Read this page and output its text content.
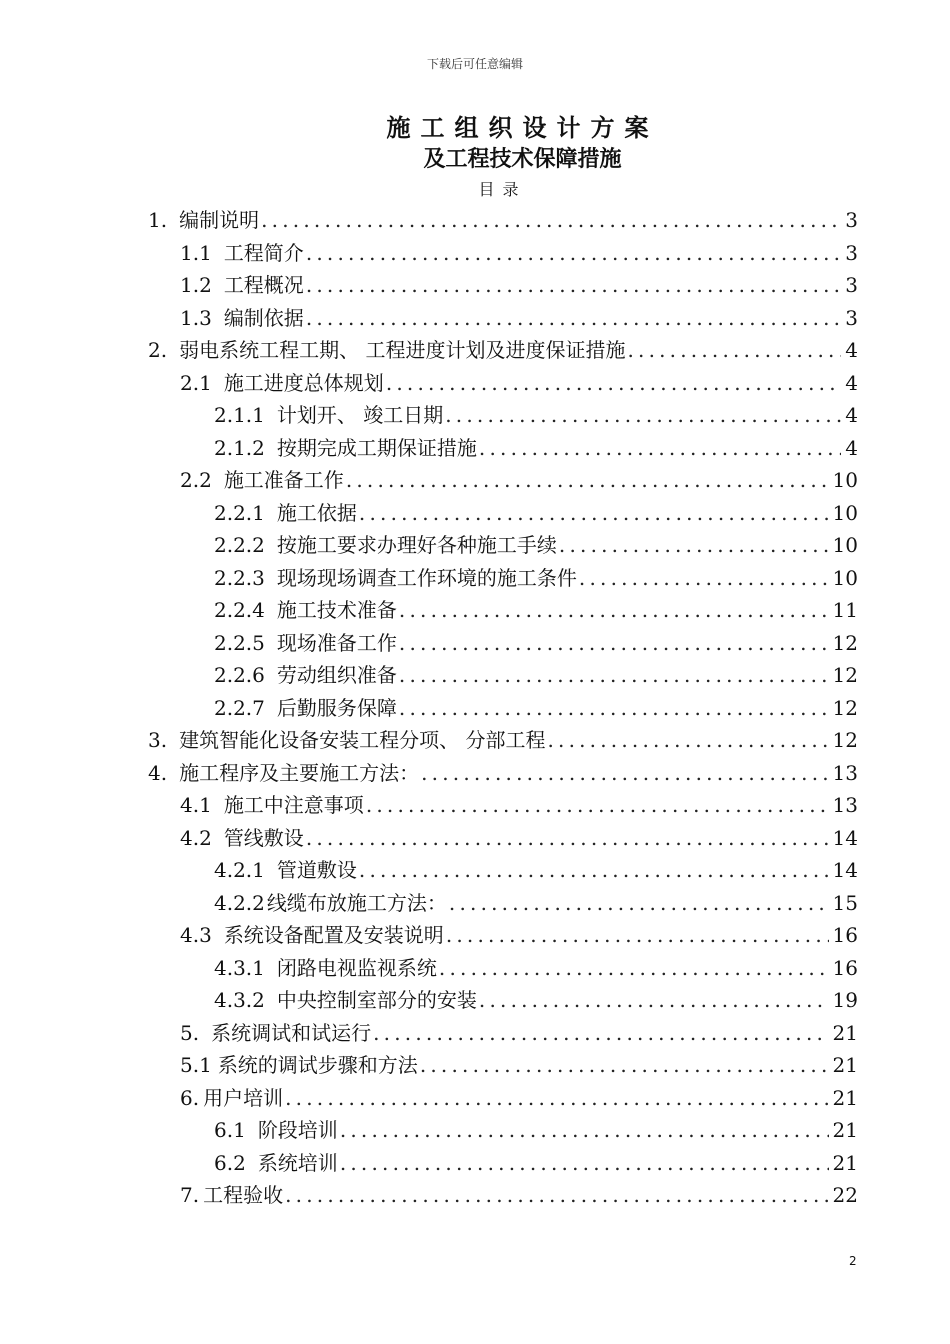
下载后可任意编辑
施工组织设计方案
及工程技术保障措施
目录
1. 编制说明 .....	3
1.1 工程简介 .....	3
1.2 工程概况 .....	3
1.3 编制依据 .....	3
2. 弱电系统工程工期、 工程进度计划及进度保证措施 .....	4
2.1 施工进度总体规划 .....	4
2.1.1 计划开、 竣工日期 .....	4
2.1.2 按期完成工期保证措施 .....	4
2.2 施工准备工作 .....	10
2.2.1 施工依据 .....	10
2.2.2 按施工要求办理好各种施工手续 .....	10
2.2.3 现场现场调查工作环境的施工条件 .....	10
2.2.4 施工技术准备 .....	11
2.2.5 现场准备工作 .....	12
2.2.6 劳动组织准备 .....	12
2.2.7 后勤服务保障 .....	12
3. 建筑智能化设备安装工程分项、 分部工程 .....	12
4. 施工程序及主要施工方法： .....	13
4.1 施工中注意事项 .....	13
4.2 管线敷设 .....	14
4.2.1 管道敷设 .....	14
4.2.2 线缆布放施工方法： .....	15
4.3 系统设备配置及安装说明 .....	16
4.3.1 闭路电视监视系统 .....	16
4.3.2 中央控制室部分的安装 .....	19
5. 系统调试和试运行 .....	21
5.1 系统的调试步骤和方法 .....	21
6. 用户培训 .....	21
6.1 阶段培训 .....	21
6.2 系统培训 .....	21
7. 工程验收 .....	22
2
